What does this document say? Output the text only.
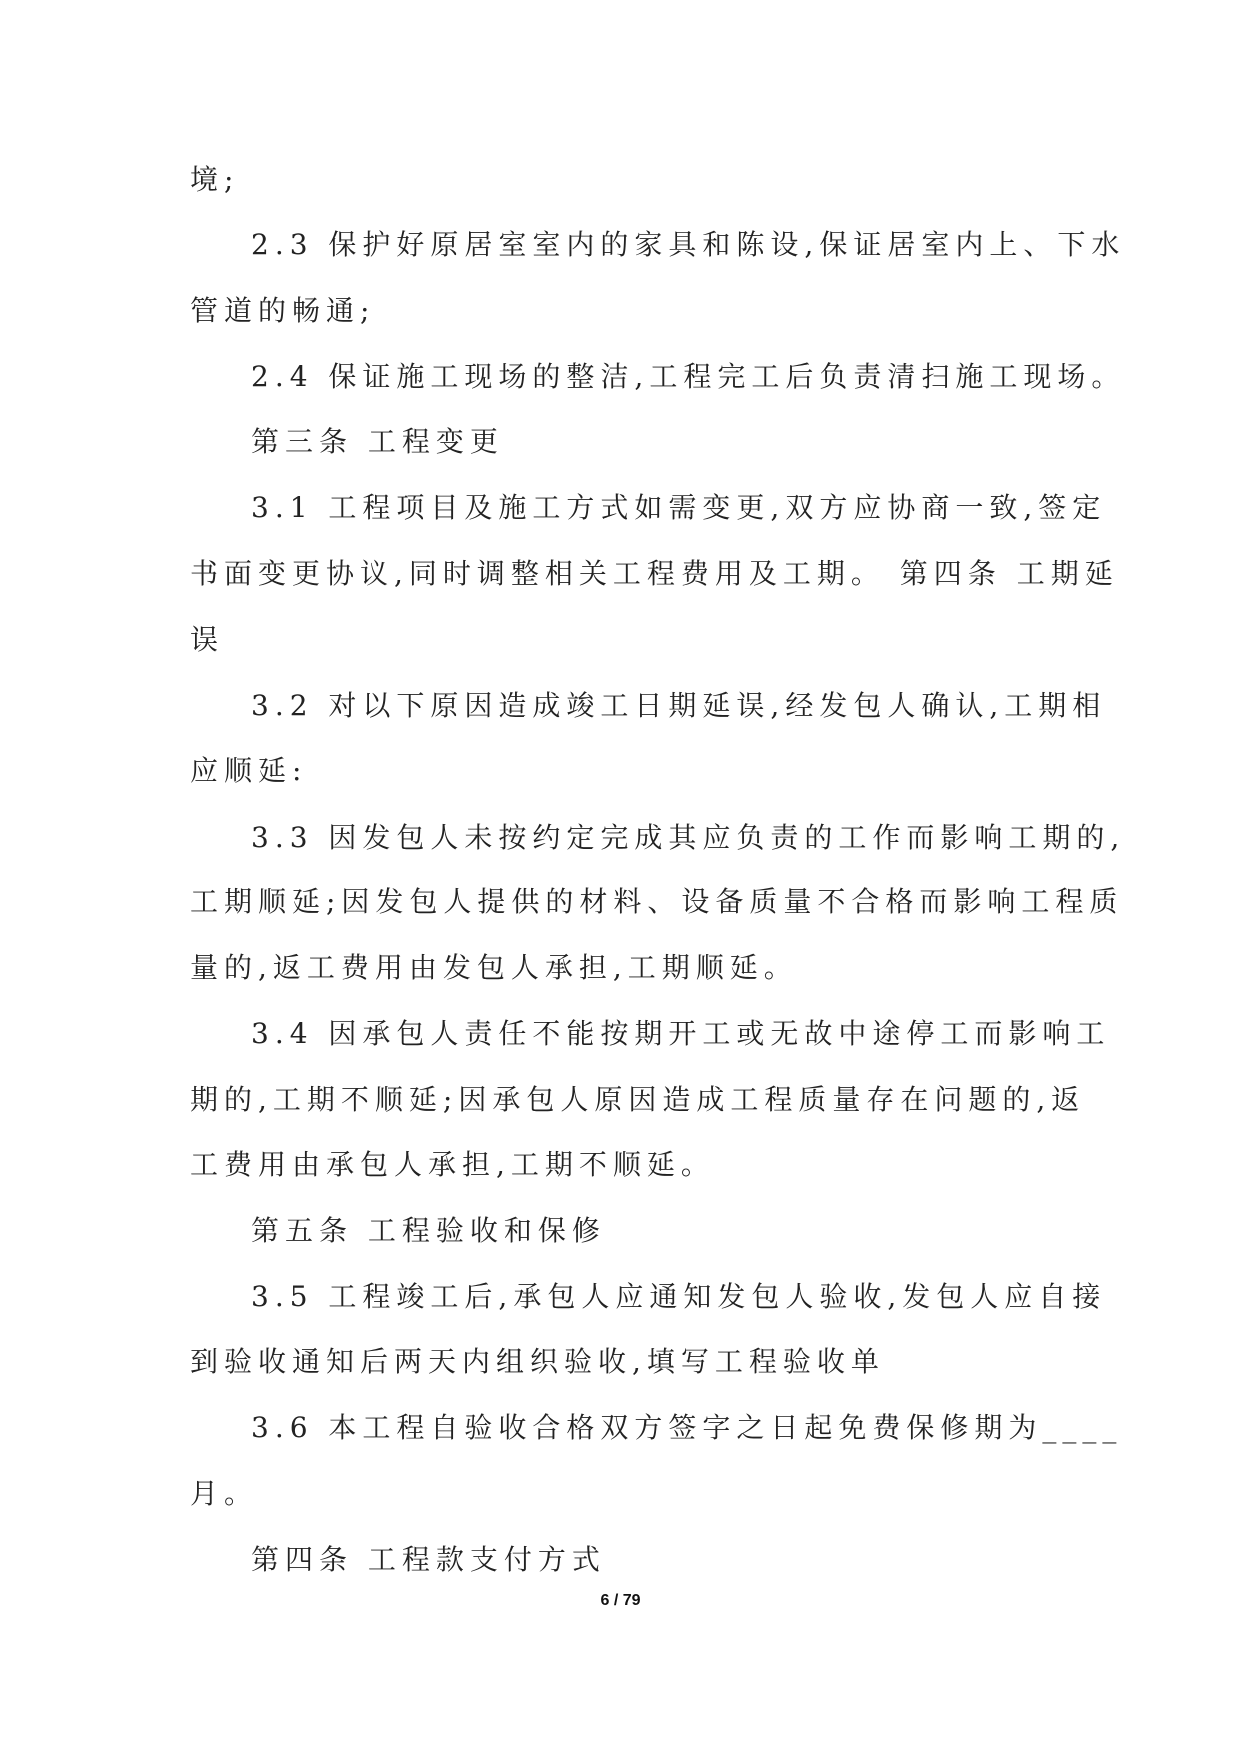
境;
2.3 保护好原居室室内的家具和陈设,保证居室内上、下水
管道的畅通;
2.4 保证施工现场的整洁,工程完工后负责清扫施工现场。
第三条 工程变更
3.1 工程项目及施工方式如需变更,双方应协商一致,签定
书面变更协议,同时调整相关工程费用及工期。 第四条 工期延
误
3.2 对以下原因造成竣工日期延误,经发包人确认,工期相
应顺延:
3.3 因发包人未按约定完成其应负责的工作而影响工期的,
工期顺延;因发包人提供的材料、设备质量不合格而影响工程质
量的,返工费用由发包人承担,工期顺延。
3.4 因承包人责任不能按期开工或无故中途停工而影响工
期的,工期不顺延;因承包人原因造成工程质量存在问题的,返
工费用由承包人承担,工期不顺延。
第五条 工程验收和保修
3.5 工程竣工后,承包人应通知发包人验收,发包人应自接
到验收通知后两天内组织验收,填写工程验收单
3.6 本工程自验收合格双方签字之日起免费保修期为____
月。
第四条 工程款支付方式
6 / 79
